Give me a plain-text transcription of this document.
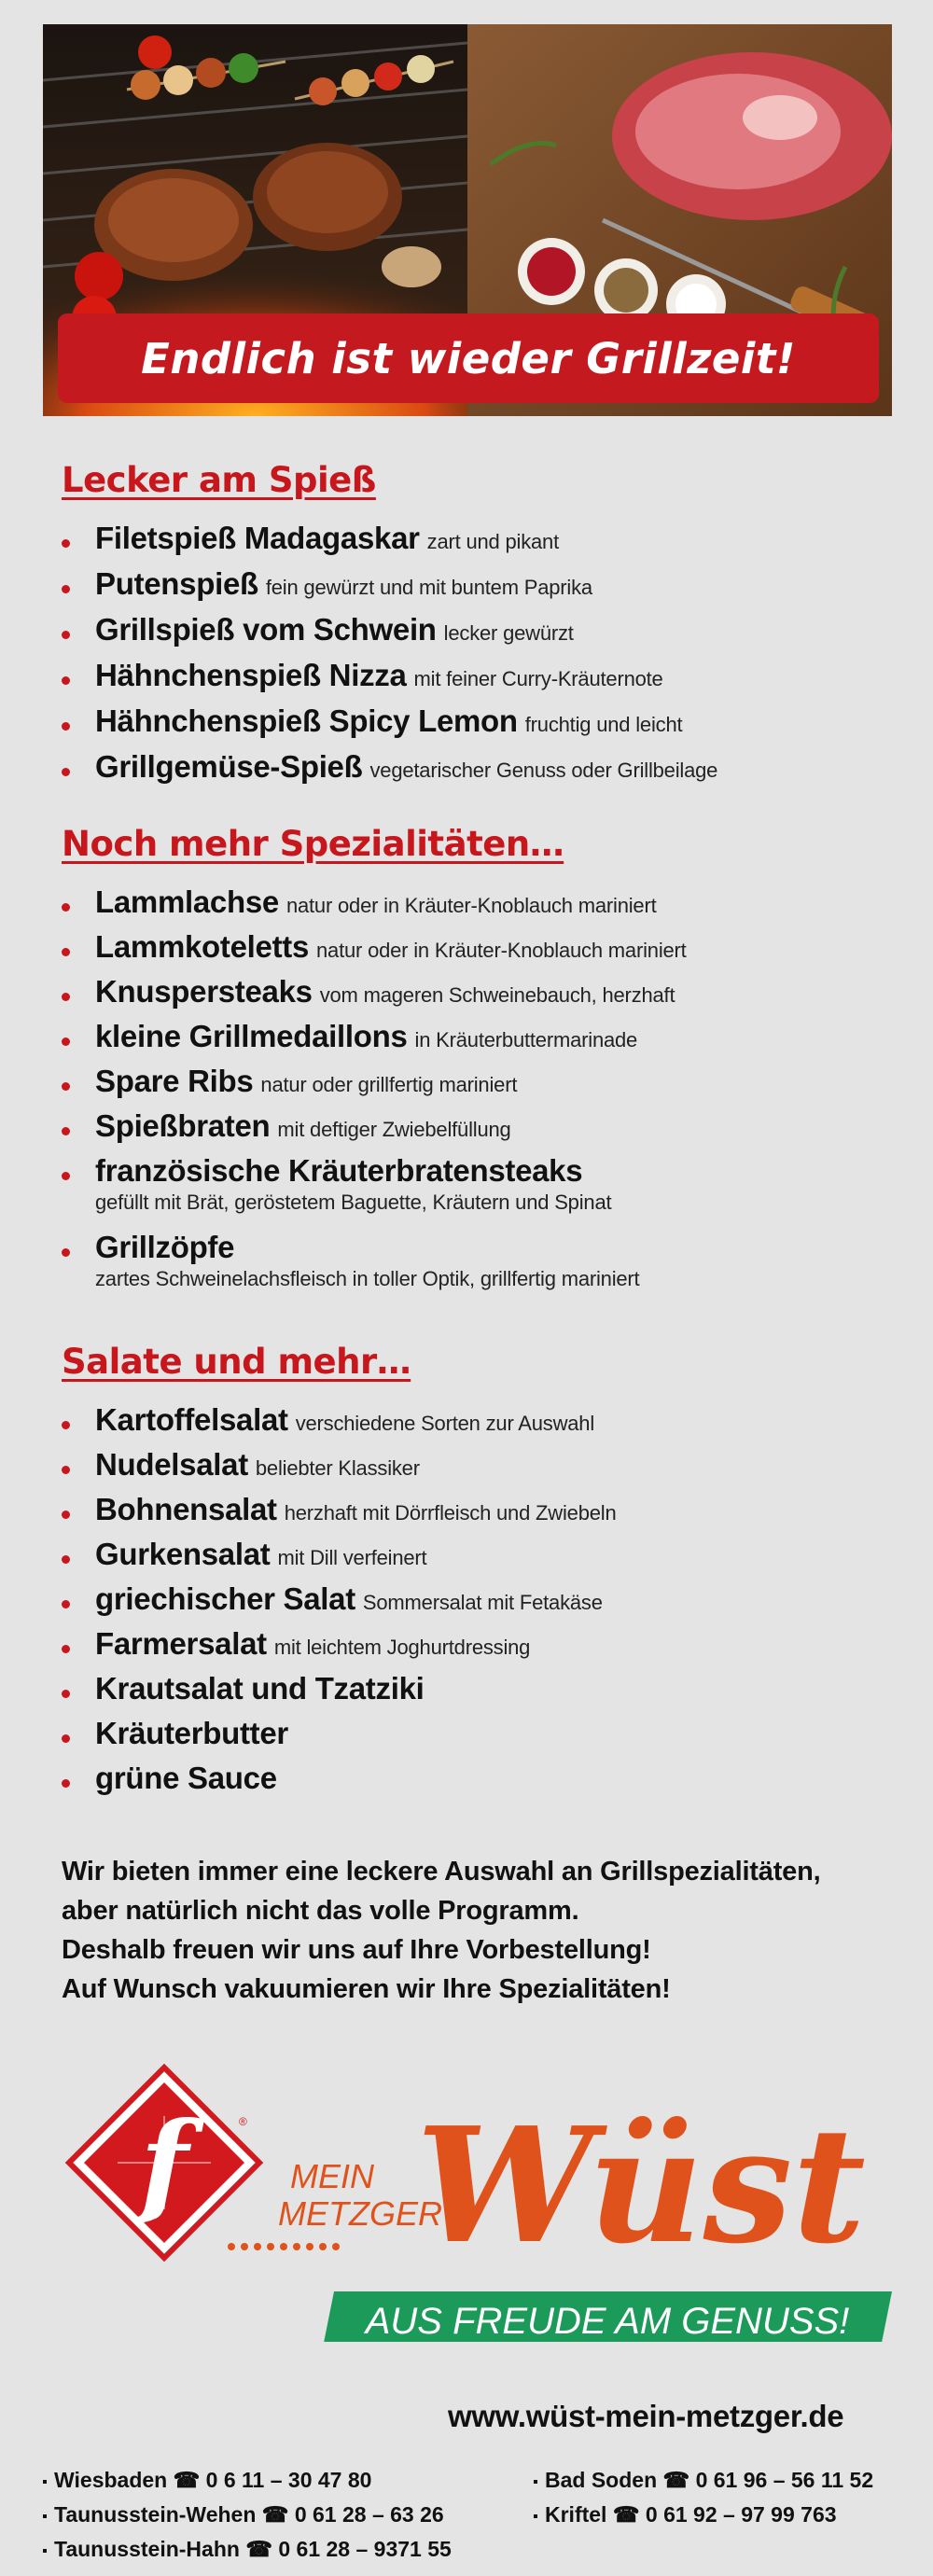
Endlich ist wieder Grillzeit!
Lecker am Spieß
Filetspieß Madagaskar zart und pikant
Putenspieß fein gewürzt und mit buntem Paprika
Grillspieß vom Schwein lecker gewürzt
Hähnchenspieß Nizza mit feiner Curry-Kräuternote
Hähnchenspieß Spicy Lemon fruchtig und leicht
Grillgemüse-Spieß vegetarischer Genuss oder Grillbeilage
Noch mehr Spezialitäten…
Lammlachse natur oder in Kräuter-Knoblauch mariniert
Lammkoteletts natur oder in Kräuter-Knoblauch mariniert
Knuspersteaks vom mageren Schweinebauch, herzhaft
kleine Grillmedaillons in Kräuterbuttermarinade
Spare Ribs natur oder grillfertig mariniert
Spießbraten mit deftiger Zwiebelfüllung
französische Kräuterbratensteaks
gefüllt mit Brät, geröstetem Baguette, Kräutern und Spinat
Grillzöpfe
zartes Schweinelachsfleisch in toller Optik, grillfertig mariniert
Salate und mehr…
Kartoffelsalat verschiedene Sorten zur Auswahl
Nudelsalat beliebter Klassiker
Bohnensalat herzhaft mit Dörrfleisch und Zwiebeln
Gurkensalat mit Dill verfeinert
griechischer Salat Sommersalat mit Fetakäse
Farmersalat mit leichtem Joghurtdressing
Krautsalat und Tzatziki
Kräuterbutter
grüne Sauce

Wir bieten immer eine leckere Auswahl an Grillspezialitäten,

aber natürlich nicht das volle Programm.

Deshalb freuen wir uns auf Ihre Vorbestellung!

Auf Wunsch vakuumieren wir Ihre Spezialitäten!

f	®
MEIN
METZGER
Wüst
AUS FREUDE AM GENUSS!
www.wüst-mein-metzger.de
Wiesbaden ☎ 0 6 11 – 30 47 80
Taunusstein-Wehen ☎ 0 61 28 – 63 26
Taunusstein-Hahn ☎ 0 61 28 – 9371 55
Bad Soden ☎ 0 61 96 – 56 11 52
Kriftel ☎ 0 61 92 – 97 99 763
